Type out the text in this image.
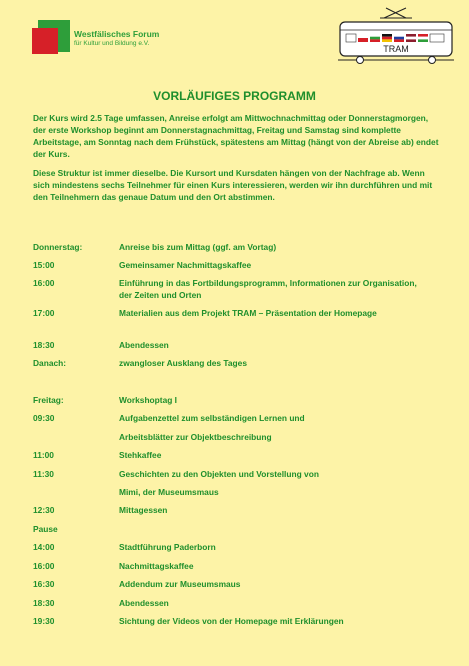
Westfälisches Forum
für Kultur und Bildung e.V.
TRAM
VORLÄUFIGES PROGRAMM
Der Kurs wird 2.5 Tage umfassen, Anreise erfolgt am Mittwochnachmittag oder Donnerstagmorgen, der erste Workshop beginnt am Donnerstagnachmittag, Freitag und Samstag sind komplette Arbeitstage, am Sonntag nach dem Frühstück, spätestens am Mittag (hängt von der Abreise ab) endet der Kurs.
Diese Struktur ist immer dieselbe. Die Kursort und Kursdaten hängen von der Nachfrage ab. Wenn sich mindestens sechs Teilnehmer für einen Kurs interessieren, werden wir ihn durchführen und mit den Teilnehmern das genaue Datum und den Ort abstimmen.
Donnerstag:	Anreise bis zum Mittag (ggf. am Vortag)
15:00	Gemeinsamer Nachmittagskaffee
16:00	Einführung in das Fortbildungsprogramm, Informationen zur Organisation, der Zeiten und Orten
17:00	Materialien aus dem Projekt TRAM – Präsentation der Homepage
18:30	Abendessen
Danach:	zwangloser Ausklang des Tages
Freitag:	Workshoptag I
09:30	Aufgabenzettel zum selbständigen Lernen und
Arbeitsblätter zur Objektbeschreibung
11:00	Stehkaffee
11:30	Geschichten zu den Objekten und Vorstellung von
Mimi, der Museumsmaus
12:30	Mittagessen
Pause
14:00	Stadtführung Paderborn
16:00	Nachmittagskaffee
16:30	Addendum zur Museumsmaus
18:30	Abendessen
19:30	Sichtung der Videos von der Homepage mit Erklärungen
